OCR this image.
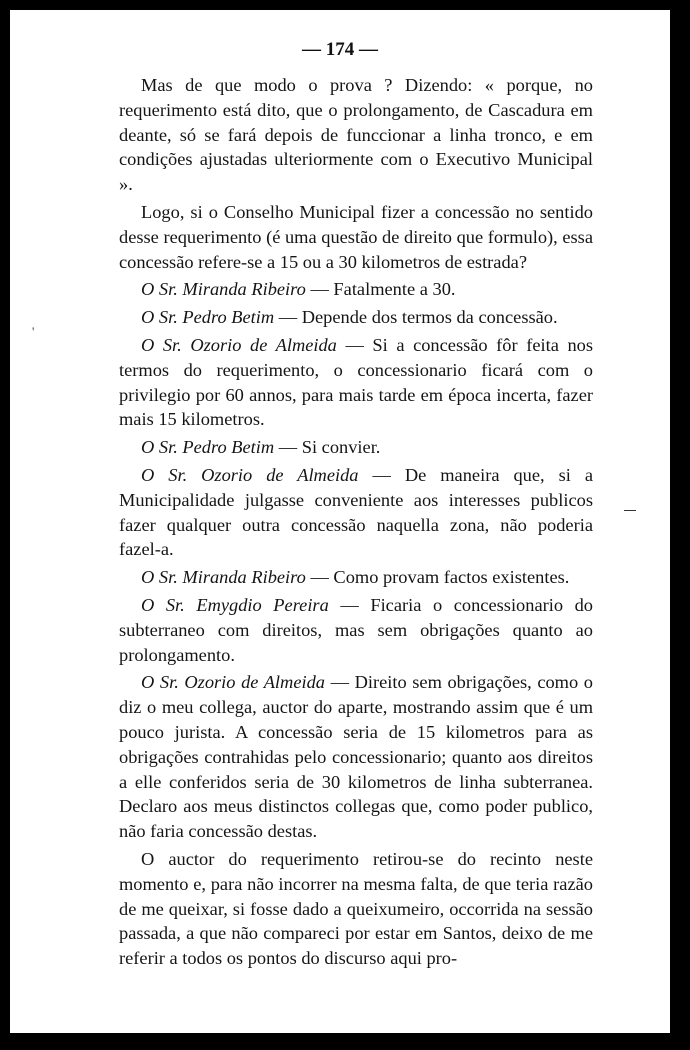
— 174 —
'

Mas de que modo o prova ? Dizendo: « porque, no requerimento está dito, que o prolongamento, de Cascadura em deante, só se fará depois de funccionar a linha tronco, e em condições ajustadas ulteriormente com o Executivo Municipal ».

Logo, si o Conselho Municipal fizer a concessão no sentido desse requerimento (é uma questão de direito que formulo), essa concessão refere-se a 15 ou a 30 kilometros de estrada?

O Sr. Miranda Ribeiro — Fatalmente a 30.

O Sr. Pedro Betim — Depende dos termos da concessão.

O Sr. Ozorio de Almeida — Si a concessão fôr feita nos termos do requerimento, o concessionario ficará com o privilegio por 60 annos, para mais tarde em época incerta, fazer mais 15 kilometros.

O Sr. Pedro Betim — Si convier.

O Sr. Ozorio de Almeida — De maneira que, si a Municipalidade julgasse conveniente aos interesses publicos fazer qualquer outra concessão naquella zona, não poderia fazel-a.

O Sr. Miranda Ribeiro — Como provam factos existentes.

O Sr. Emygdio Pereira — Ficaria o concessionario do subterraneo com direitos, mas sem obrigações quanto ao prolongamento.

O Sr. Ozorio de Almeida — Direito sem obrigações, como o diz o meu collega, auctor do aparte, mostrando assim que é um pouco jurista. A concessão seria de 15 kilometros para as obrigações contrahidas pelo concessionario; quanto aos direitos a elle conferidos seria de 30 kilometros de linha subterranea. Declaro aos meus distinctos collegas que, como poder publico, não faria concessão destas.

O auctor do requerimento retirou-se do recinto neste momento e, para não incorrer na mesma falta, de que teria razão de me queixar, si fosse dado a queixumeiro, occorrida na sessão passada, a que não compareci por estar em Santos, deixo de me referir a todos os pontos do discurso aqui pro-
